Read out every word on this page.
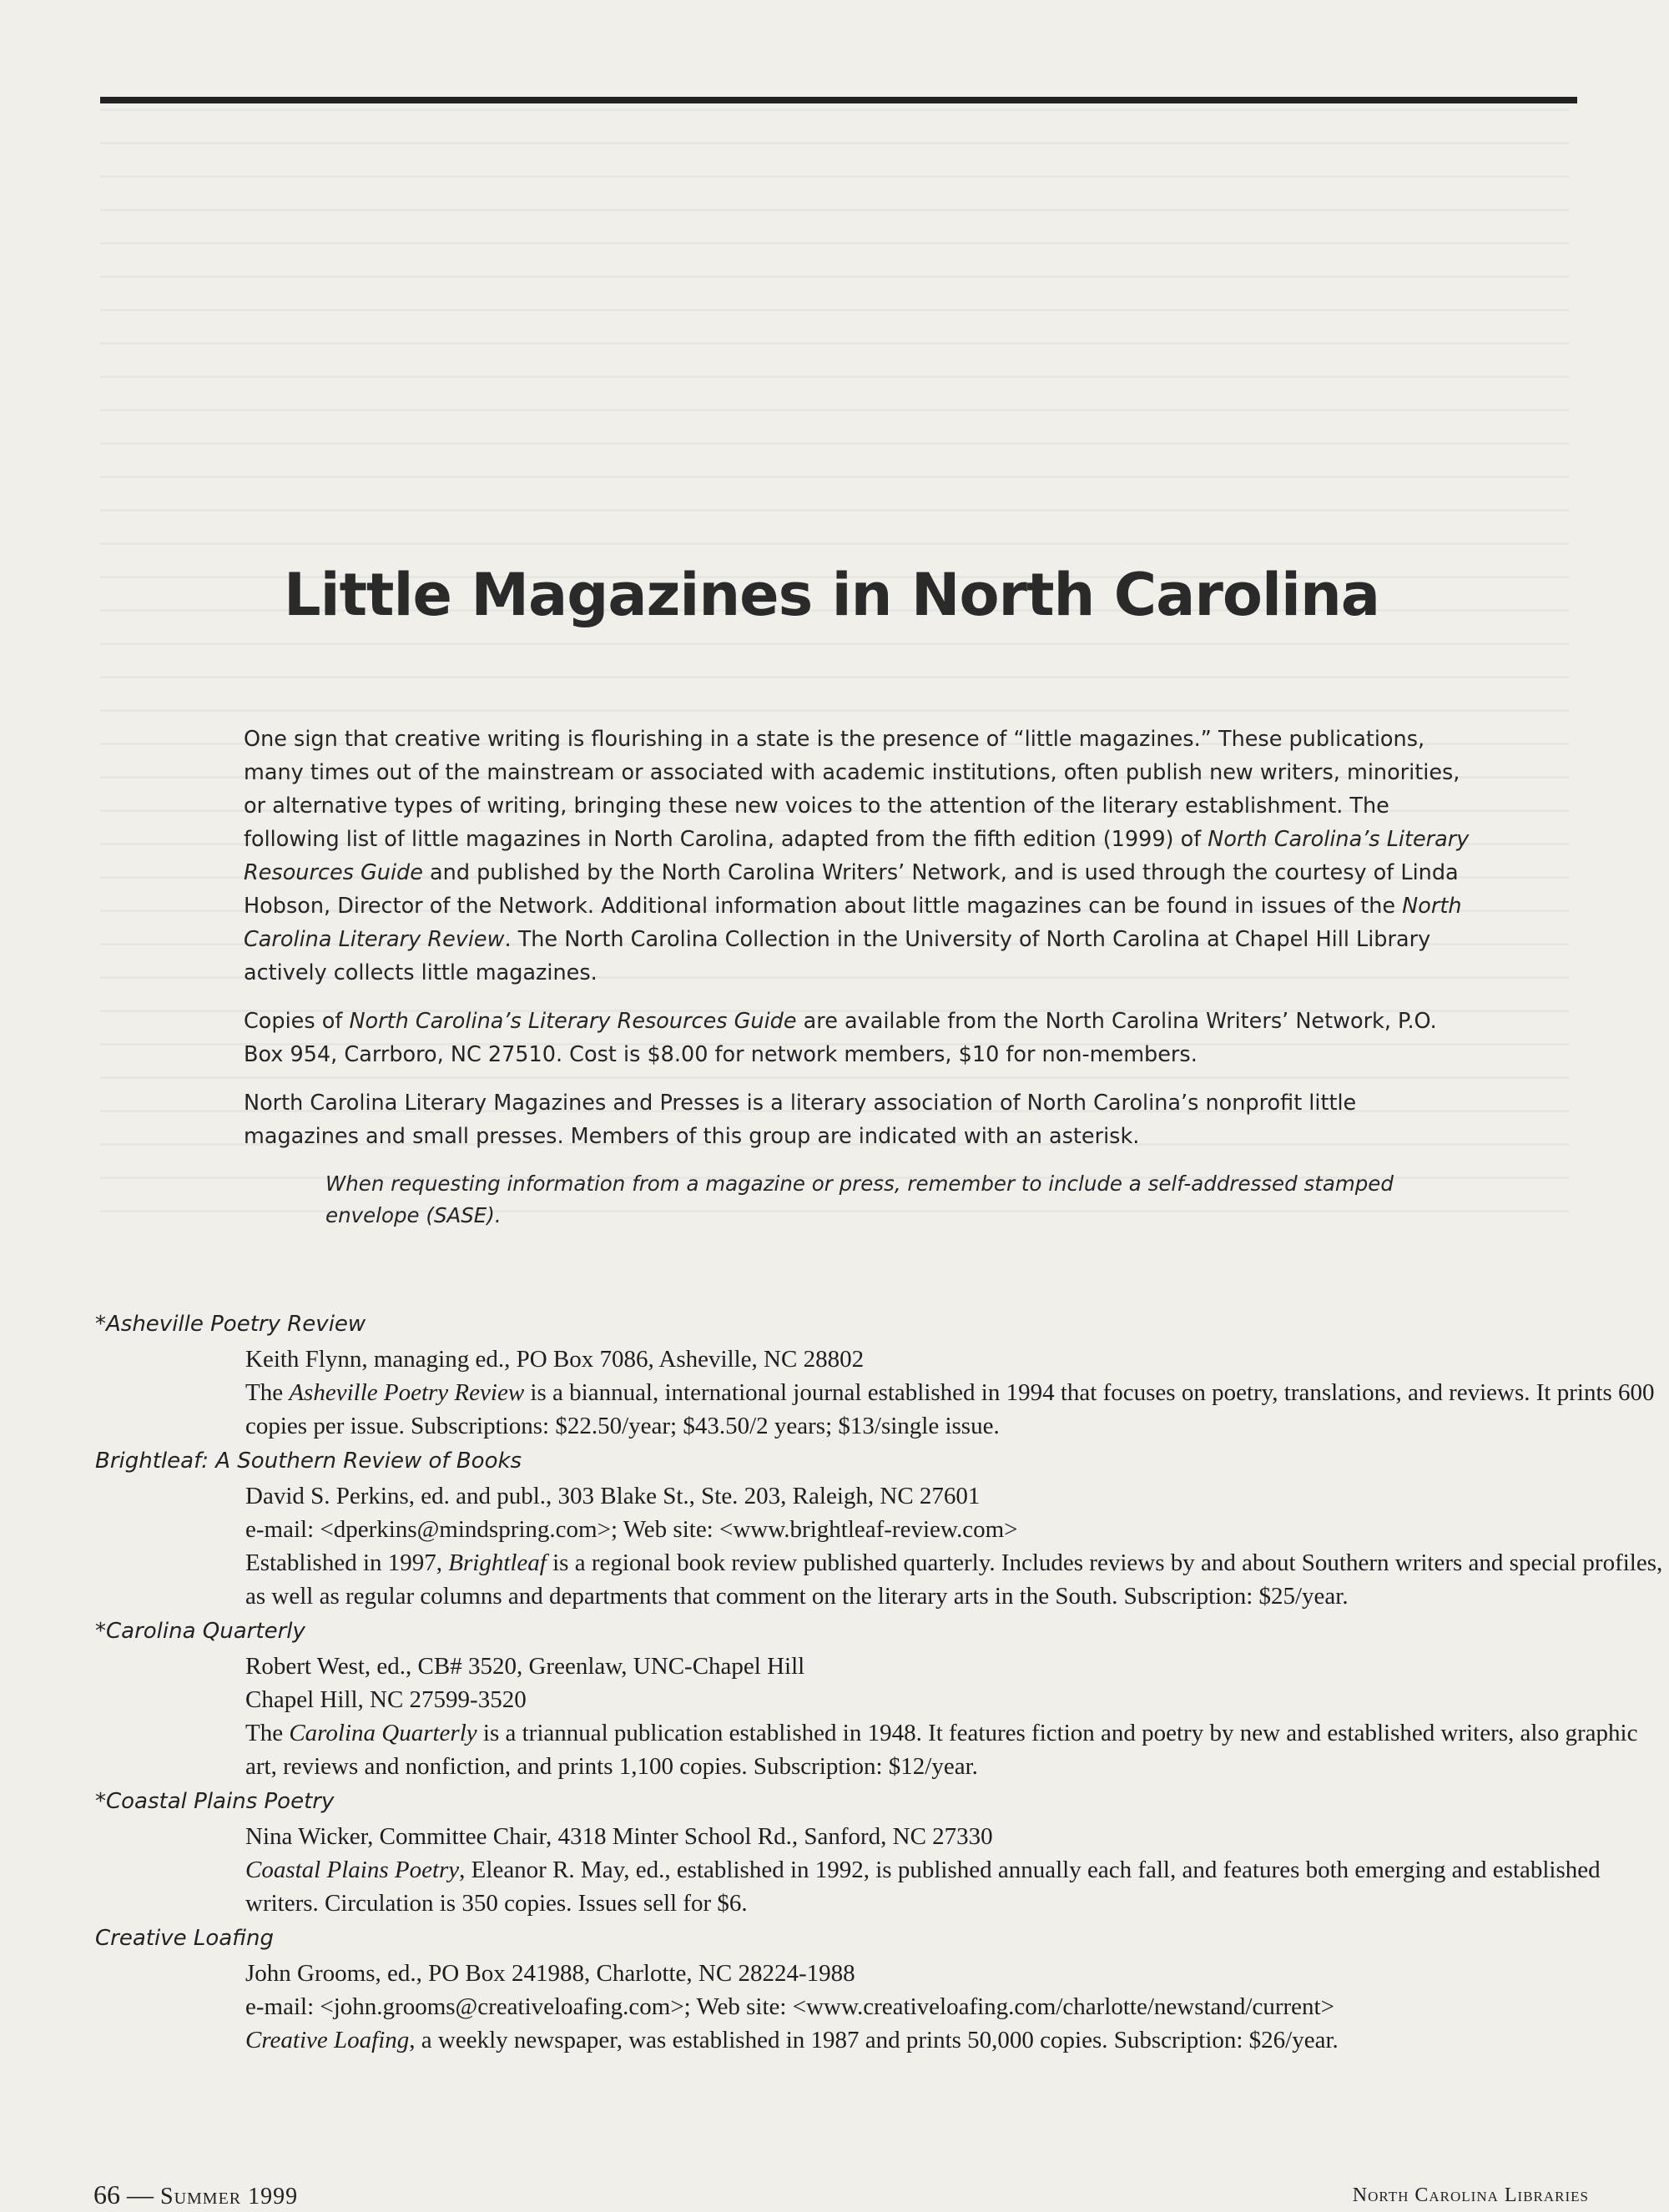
Little Magazines in North Carolina

One sign that creative writing is flourishing in a state is the presence of “little magazines.” These publications, many times out of the mainstream or associated with academic institutions, often publish new writers, minorities, or alternative types of writing, bringing these new voices to the attention of the literary establishment. The following list of little magazines in North Carolina, adapted from the fifth edition (1999) of North Carolina’s Literary Resources Guide and published by the North Carolina Writers’ Network, and is used through the courtesy of Linda Hobson, Director of the Network. Additional information about little magazines can be found in issues of the North Carolina Literary Review. The North Carolina Collection in the University of North Carolina at Chapel Hill Library actively collects little magazines.

Copies of North Carolina’s Literary Resources Guide are available from the North Carolina Writers’ Network, P.O. Box 954, Carrboro, NC 27510. Cost is $8.00 for network members, $10 for non-members.

North Carolina Literary Magazines and Presses is a literary association of North Carolina’s nonprofit little magazines and small presses. Members of this group are indicated with an asterisk.

When requesting information from a magazine or press, remember to include a self-addressed stamped envelope (SASE).

*Asheville Poetry Review
Keith Flynn, managing ed., PO Box 7086, Asheville, NC 28802
The Asheville Poetry Review is a biannual, international journal established in 1994 that focuses on poetry, translations, and reviews. It prints 600 copies per issue. Subscriptions: $22.50/year; $43.50/2 years; $13/single issue.
Brightleaf: A Southern Review of Books
David S. Perkins, ed. and publ., 303 Blake St., Ste. 203, Raleigh, NC 27601
e-mail: <dperkins@mindspring.com>; Web site: <www.brightleaf-review.com>
Established in 1997, Brightleaf is a regional book review published quarterly. Includes reviews by and about Southern writers and special profiles, as well as regular columns and departments that comment on the literary arts in the South. Subscription: $25/year.
*Carolina Quarterly
Robert West, ed., CB# 3520, Greenlaw, UNC-Chapel Hill
Chapel Hill, NC 27599-3520
The Carolina Quarterly is a triannual publication established in 1948. It features fiction and poetry by new and established writers, also graphic art, reviews and nonfiction, and prints 1,100 copies. Subscription: $12/year.
*Coastal Plains Poetry
Nina Wicker, Committee Chair, 4318 Minter School Rd., Sanford, NC 27330
Coastal Plains Poetry, Eleanor R. May, ed., established in 1992, is published annually each fall, and features both emerging and established writers. Circulation is 350 copies. Issues sell for $6.
Creative Loafing
John Grooms, ed., PO Box 241988, Charlotte, NC 28224-1988
e-mail: <john.grooms@creativeloafing.com>; Web site: <www.creativeloafing.com/charlotte/newstand/current>
Creative Loafing, a weekly newspaper, was established in 1987 and prints 50,000 copies. Subscription: $26/year.
66 — Summer 1999	North Carolina Libraries
